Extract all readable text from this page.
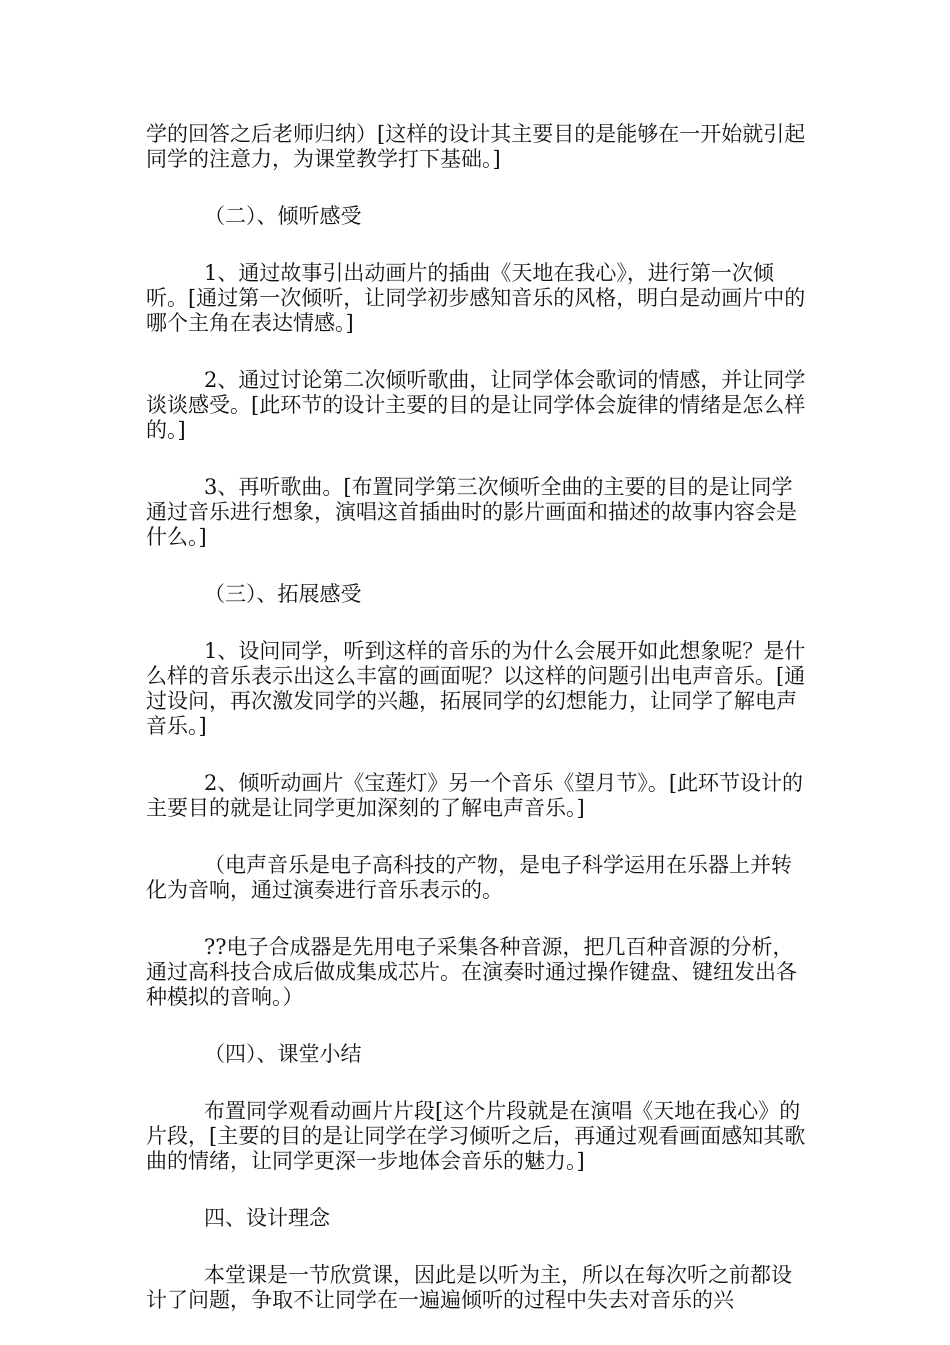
学的回答之后老师归纳）[这样的设计其主要目的是能够在一开始就引起同学的注意力，为课堂教学打下基础。]

（二）、倾听感受

1、通过故事引出动画片的插曲《天地在我心》，进行第一次倾听。[通过第一次倾听，让同学初步感知音乐的风格，明白是动画片中的哪个主角在表达情感。]

2、通过讨论第二次倾听歌曲，让同学体会歌词的情感，并让同学谈谈感受。[此环节的设计主要的目的是让同学体会旋律的情绪是怎么样的。]

3、再听歌曲。[布置同学第三次倾听全曲的主要的目的是让同学通过音乐进行想象，演唱这首插曲时的影片画面和描述的故事内容会是什么。]

（三）、拓展感受

1、设问同学，听到这样的音乐的为什么会展开如此想象呢？是什么样的音乐表示出这么丰富的画面呢？以这样的问题引出电声音乐。[通过设问，再次激发同学的兴趣，拓展同学的幻想能力，让同学了解电声音乐。]

2、倾听动画片《宝莲灯》另一个音乐《望月节》。[此环节设计的主要目的就是让同学更加深刻的了解电声音乐。]

（电声音乐是电子高科技的产物，是电子科学运用在乐器上并转化为音响，通过演奏进行音乐表示的。

??电子合成器是先用电子采集各种音源，把几百种音源的分析，通过高科技合成后做成集成芯片。在演奏时通过操作键盘、键纽发出各种模拟的音响。）

（四）、课堂小结

布置同学观看动画片片段[这个片段就是在演唱《天地在我心》的片段，[主要的目的是让同学在学习倾听之后，再通过观看画面感知其歌曲的情绪，让同学更深一步地体会音乐的魅力。]

四、设计理念

本堂课是一节欣赏课，因此是以听为主，所以在每次听之前都设计了问题，争取不让同学在一遍遍倾听的过程中失去对音乐的兴
